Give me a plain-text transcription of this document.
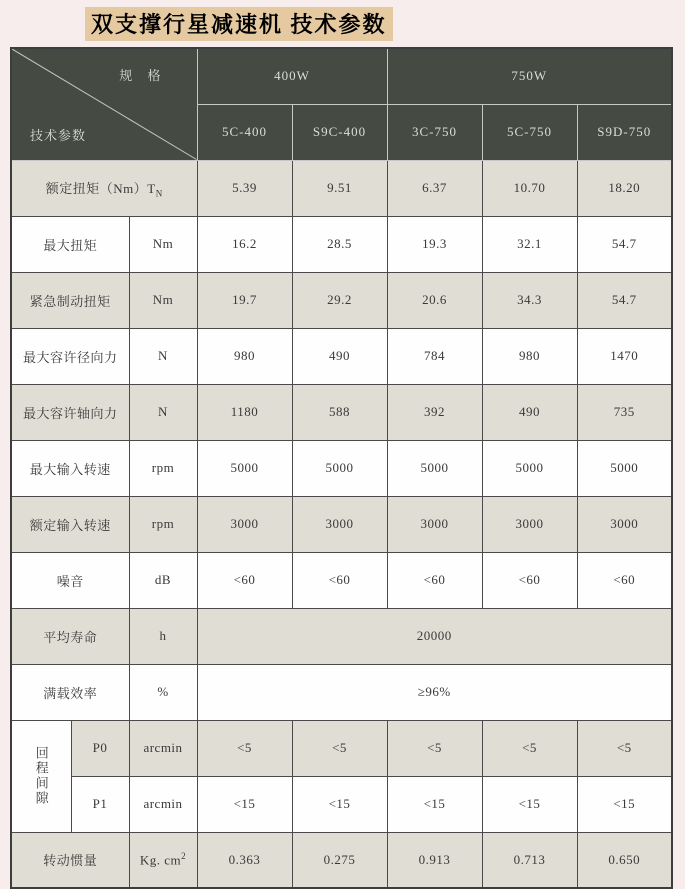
双支撑行星减速机 技术参数
规 格
技术参数			400W		750W		
			5C-400	S9C-400	3C-750	5C-750	S9D-750
额定扭矩$(Nm)T_N$			5.39	9.51	6.37	10.70	18.20
最大扭矩		Nm	16.2	28.5	19.3	32.1	54.7
紧急制动扭矩		Nm	19.7	29.2	20.6	34.3	54.7
最大容许径向力		N	980	490	784	980	1470
最大容许轴向力		N	1180	588	392	490	735
最大输入转速		rpm	5000	5000	5000	5000	5000
额定输入转速		rpm	3000	3000	3000	3000	3000
噪音		dB	<60	<60	<60	<60	<60
平均寿命		h	20000				
满载效率		%	≥96%				
回程间隙	P0	arcmin	<5	<5	<5	<5	<5
	P1	arcmin	<15	<15	<15	<15	<15
转动惯量		Kg. $cm^2$	0.363	0.275	0.913	0.713	0.650
